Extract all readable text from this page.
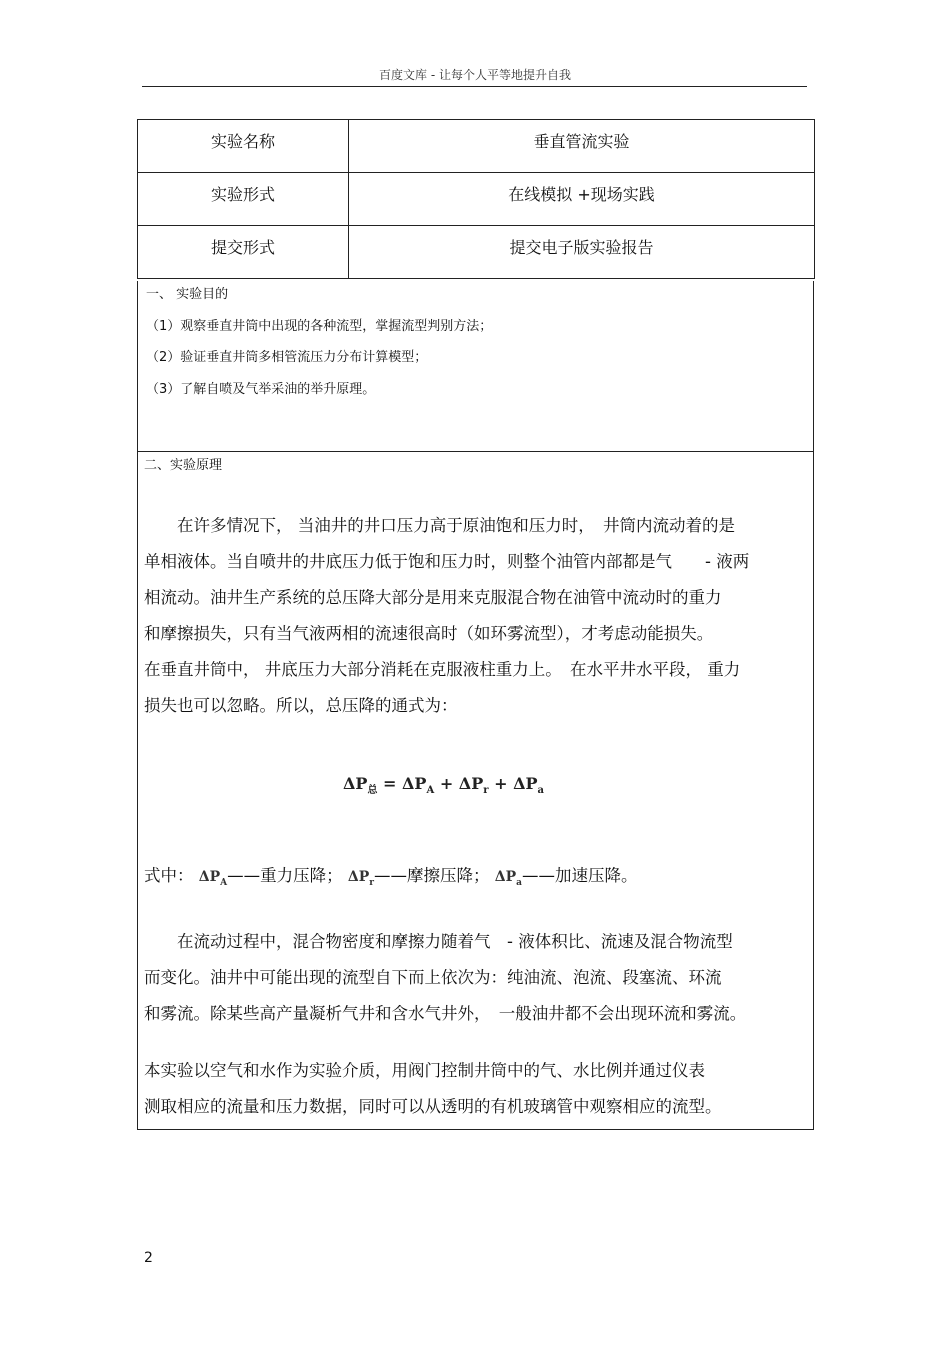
百度文库 - 让每个人平等地提升自我
实验名称	垂直管流实验
实验形式	在线模拟 +现场实践
提交形式	提交电子版实验报告
一、 实验目的
（1）观察垂直井筒中出现的各种流型，掌握流型判别方法；
（2）验证垂直井筒多相管流压力分布计算模型；
（3）了解自喷及气举采油的举升原理。
二、实验原理
　　在许多情况下， 当油井的井口压力高于原油饱和压力时，　井筒内流动着的是
单相液体。当自喷井的井底压力低于饱和压力时，则整个油管内部都是气　　- 液两
相流动。油井生产系统的总压降大部分是用来克服混合物在油管中流动时的重力
和摩擦损失，只有当气液两相的流速很高时（如环雾流型），才考虑动能损失。
在垂直井筒中， 井底压力大部分消耗在克服液柱重力上。　在水平井水平段， 重力
损失也可以忽略。所以，总压降的通式为：
$\Delta P_总 = \Delta P_A + \Delta P_r + \Delta P_a$
式中： $\Delta P_A——$重力压降； $\Delta P_r——$摩擦压降； $\Delta P_a——$加速压降。
　　在流动过程中，混合物密度和摩擦力随着气　- 液体积比、流速及混合物流型
而变化。油井中可能出现的流型自下而上依次为：纯油流、泡流、段塞流、环流
和雾流。除某些高产量凝析气井和含水气井外，　一般油井都不会出现环流和雾流。
本实验以空气和水作为实验介质，用阀门控制井筒中的气、水比例并通过仪表
测取相应的流量和压力数据，同时可以从透明的有机玻璃管中观察相应的流型。
2
